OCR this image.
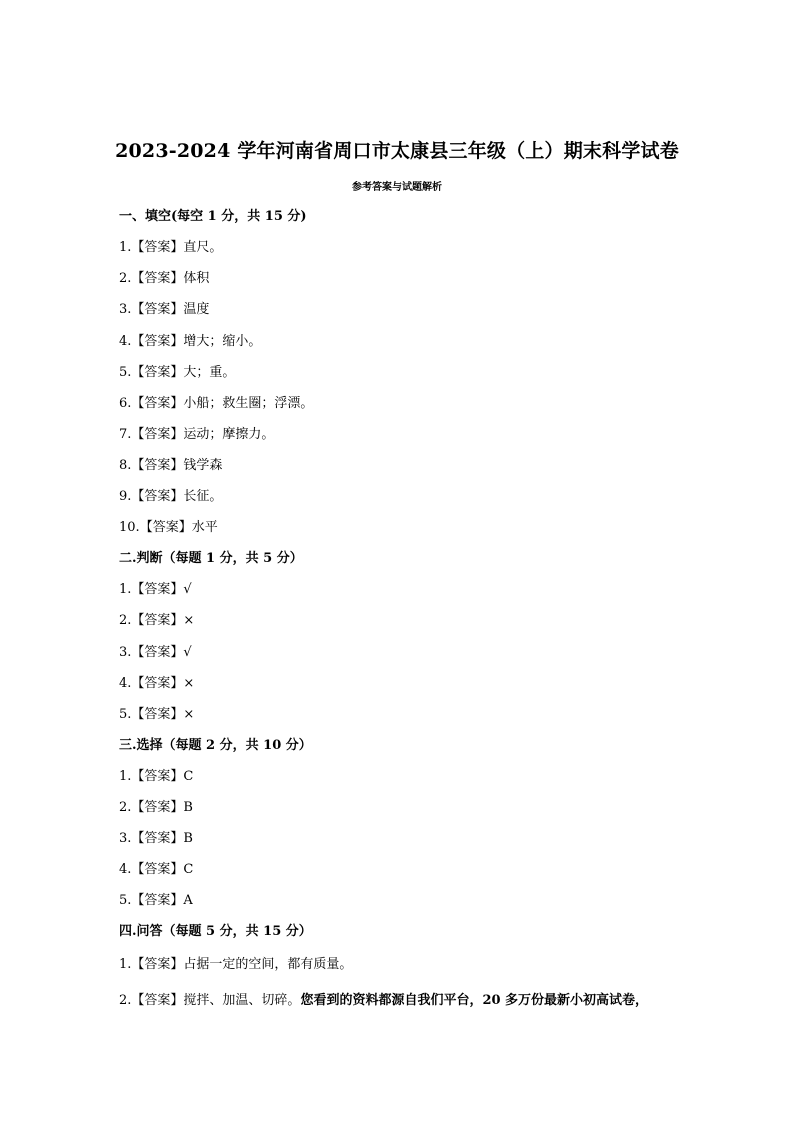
2023-2024 学年河南省周口市太康县三年级（上）期末科学试卷
参考答案与试题解析
一、填空(每空 1 分，共 15 分)
1.【答案】直尺。
2.【答案】体积
3.【答案】温度
4.【答案】增大；缩小。
5.【答案】大；重。
6.【答案】小船；救生圈；浮漂。
7.【答案】运动；摩擦力。
8.【答案】钱学森
9.【答案】长征。
10.【答案】水平
二.判断（每题 1 分，共 5 分）
1.【答案】√
2.【答案】×
3.【答案】√
4.【答案】×
5.【答案】×
三.选择（每题 2 分，共 10 分）
1.【答案】C
2.【答案】B
3.【答案】B
4.【答案】C
5.【答案】A
四.问答（每题 5 分，共 15 分）
1.【答案】占据一定的空间，都有质量。
2.【答案】搅拌、加温、切碎。您看到的资料都源自我们平台，20 多万份最新小初高试卷，
